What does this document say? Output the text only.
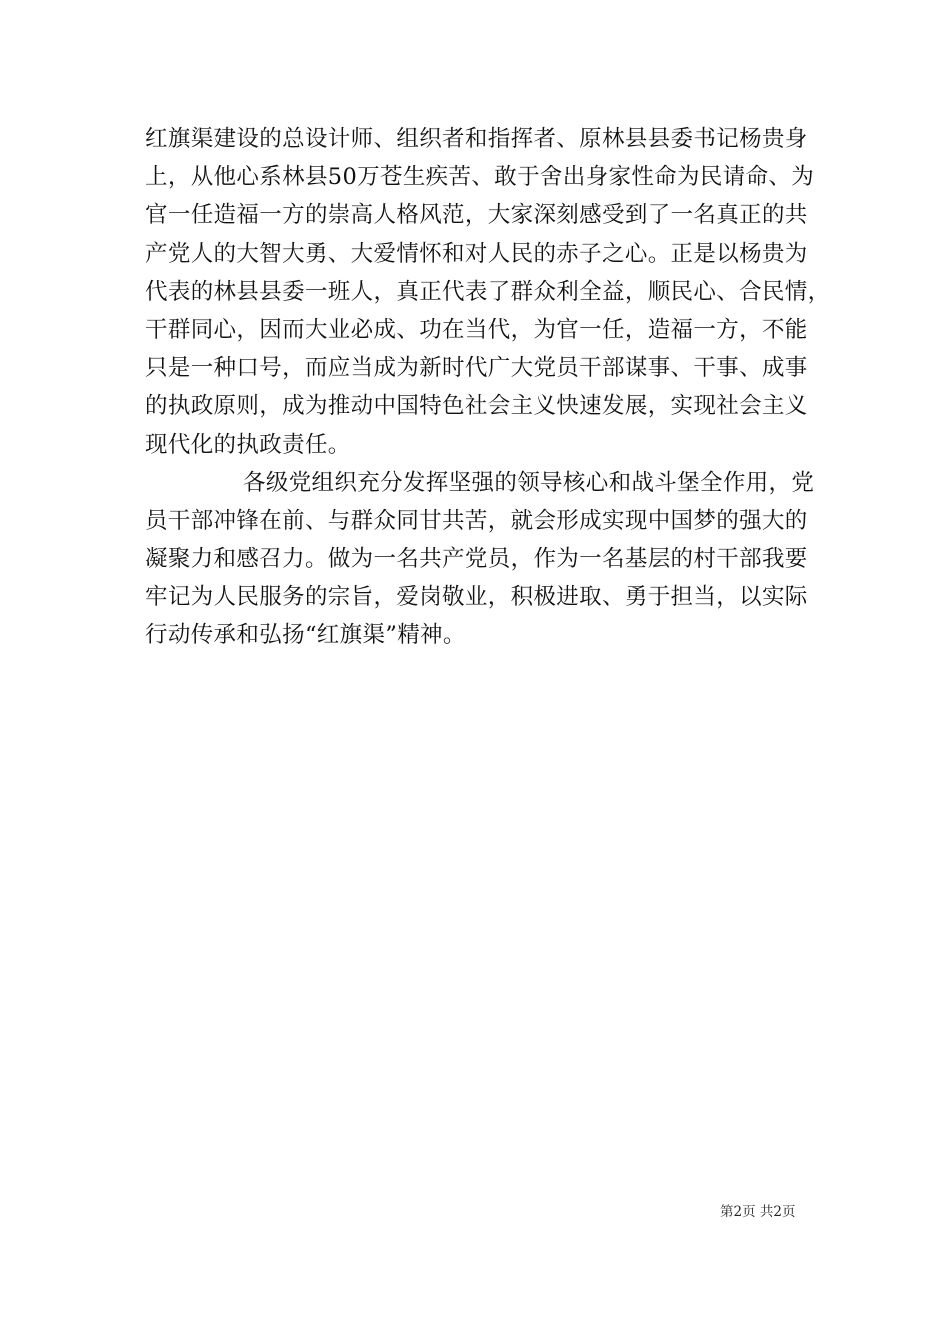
红旗渠建设的总设计师、组织者和指挥者、原林县县委书记杨贵身
上，从他心系林县50万苍生疾苦、敢于舍出身家性命为民请命、为
官一任造福一方的崇高人格风范，大家深刻感受到了一名真正的共
产党人的大智大勇、大爱情怀和对人民的赤子之心。正是以杨贵为
代表的林县县委一班人，真正代表了群众利全益，顺民心、合民情，
干群同心，因而大业必成、功在当代，为官一任，造福一方，不能
只是一种口号，而应当成为新时代广大党员干部谋事、干事、成事
的执政原则，成为推动中国特色社会主义快速发展，实现社会主义
现代化的执政责任。
各级党组织充分发挥坚强的领导核心和战斗堡全作用，党
员干部冲锋在前、与群众同甘共苦，就会形成实现中国梦的强大的
凝聚力和感召力。做为一名共产党员，作为一名基层的村干部我要
牢记为人民服务的宗旨，爱岗敬业，积极进取、勇于担当，以实际
行动传承和弘扬“红旗渠”精神。
第2页 共2页
